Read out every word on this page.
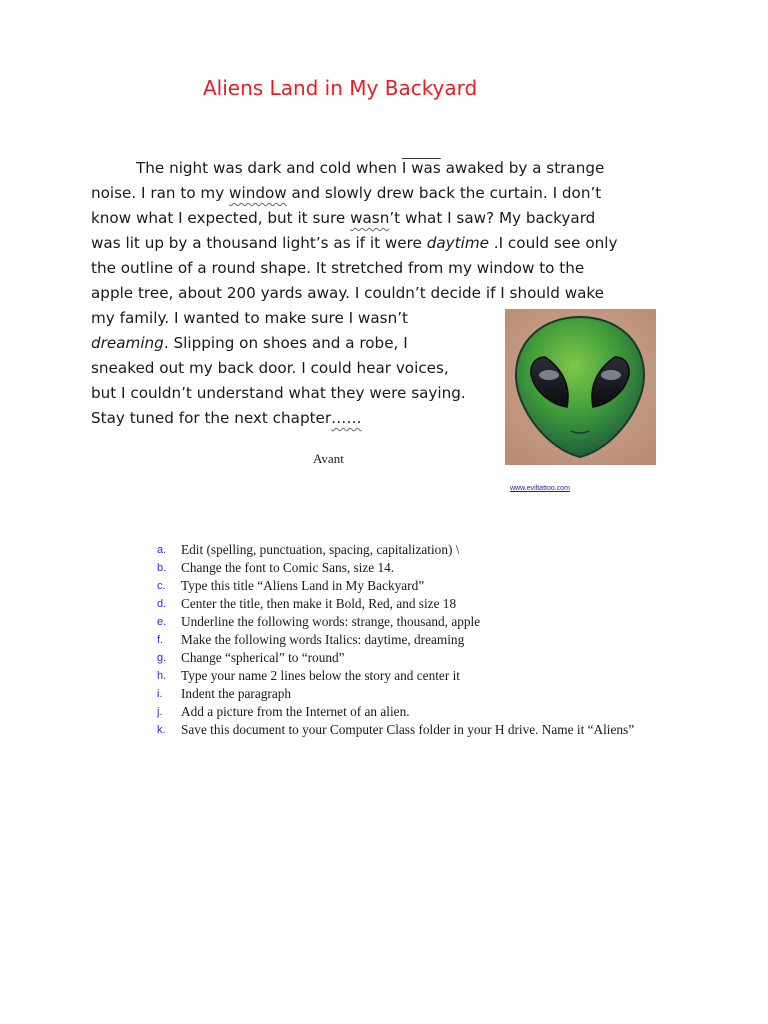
Aliens Land in My Backyard
The night was dark and cold when I was awaked by a strange
noise. I ran to my window and slowly drew back the curtain. I don’t
know what I expected, but it sure wasn’t what I saw? My backyard
was lit up by a thousand light’s as if it were daytime .I could see only
the outline of a round shape. It stretched from my window to the
apple tree, about 200 yards away. I couldn’t decide if I should wake
my family. I wanted to make sure I wasn’t
dreaming. Slipping on shoes and a robe, I
sneaked out my back door. I could hear voices,
but I couldn’t understand what they were saying.
Stay tuned for the next chapter……
Avant
www.eviltattoo.com
a. Edit (spelling, punctuation, spacing, capitalization) \
b. Change the font to Comic Sans, size 14.
c. Type this title “Aliens Land in My Backyard”
d. Center the title, then make it Bold, Red, and size 18
e. Underline the following words: strange, thousand, apple
f. Make the following words Italics: daytime, dreaming
g. Change “spherical” to “round”
h. Type your name 2 lines below the story and center it
i. Indent the paragraph
j. Add a picture from the Internet of an alien.
k. Save this document to your Computer Class folder in your H drive. Name it “Aliens”
